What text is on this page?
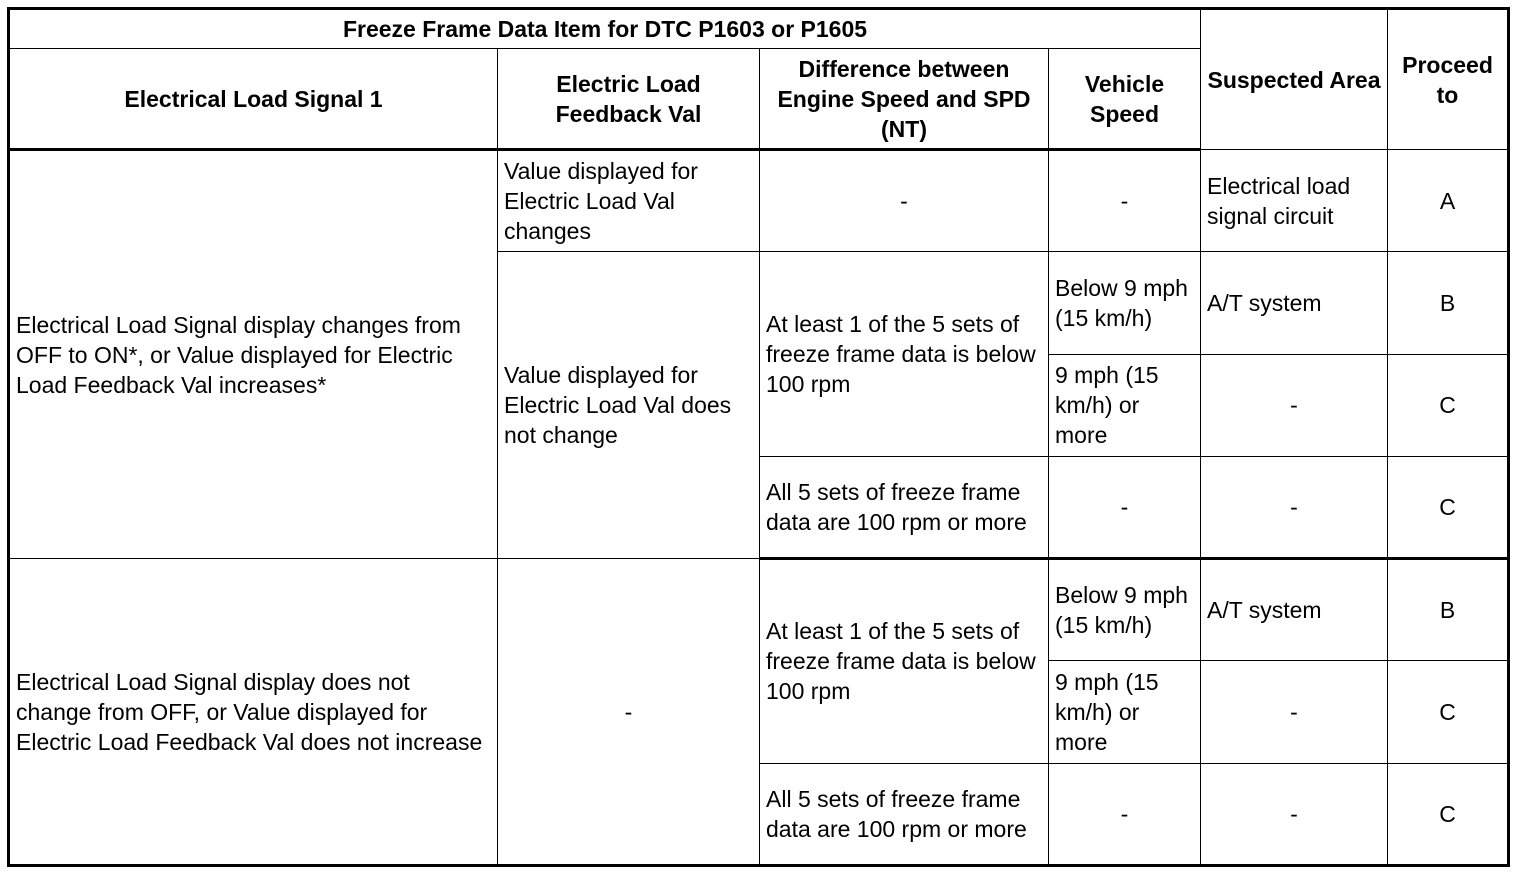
Freeze Frame Data Item for DTC P1603 or P1605				Suspected Area	Proceed to
Electrical Load Signal 1	Electric Load Feedback Val	Difference between Engine Speed and SPD (NT)	Vehicle Speed		
Electrical Load Signal display changes from OFF to ON*, or Value displayed for Electric Load Feedback Val increases*	Value displayed for Electric Load Val changes	-	-	Electrical load signal circuit	A
	Value displayed for Electric Load Val does not change	At least 1 of the 5 sets of freeze frame data is below 100 rpm	Below 9 mph (15 km/h)	A/T system	B
			9 mph (15 km/h) or more	-	C
		All 5 sets of freeze frame data are 100 rpm or more	-	-	C
Electrical Load Signal display does not change from OFF, or Value displayed for Electric Load Feedback Val does not increase	-	At least 1 of the 5 sets of freeze frame data is below 100 rpm	Below 9 mph (15 km/h)	A/T system	B
			9 mph (15 km/h) or more	-	C
		All 5 sets of freeze frame data are 100 rpm or more	-	-	C
